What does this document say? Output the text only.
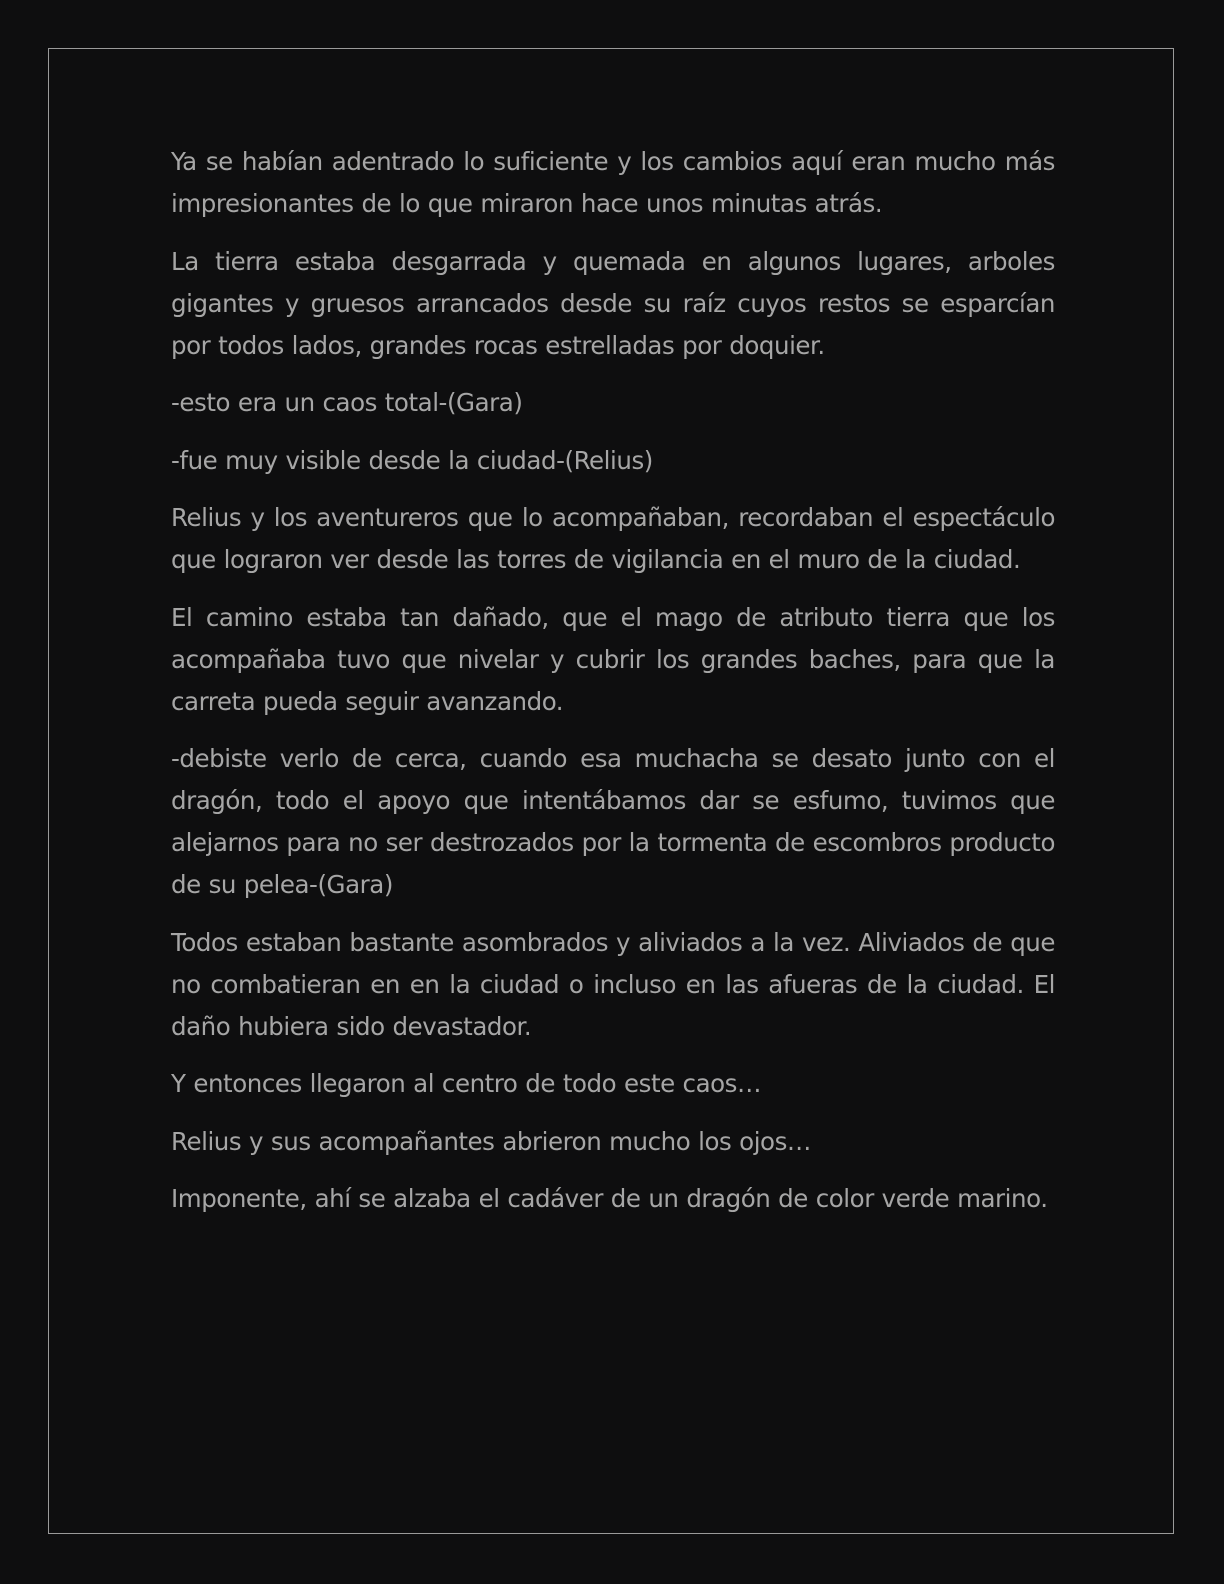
Ya se habían adentrado lo suficiente y los cambios aquí eran mucho más impresionantes de lo que miraron hace unos minutas atrás.

La tierra estaba desgarrada y quemada en algunos lugares, arboles gigantes y gruesos arrancados desde su raíz cuyos restos se esparcían por todos lados, grandes rocas estrelladas por doquier.

-esto era un caos total-(Gara)

-fue muy visible desde la ciudad-(Relius)

Relius y los aventureros que lo acompañaban, recordaban el espectáculo que lograron ver desde las torres de vigilancia en el muro de la ciudad.

El camino estaba tan dañado, que el mago de atributo tierra que los acompañaba tuvo que nivelar y cubrir los grandes baches, para que la carreta pueda seguir avanzando.

-debiste verlo de cerca, cuando esa muchacha se desato junto con el dragón, todo el apoyo que intentábamos dar se esfumo, tuvimos que alejarnos para no ser destrozados por la tormenta de escombros producto de su pelea-(Gara)

Todos estaban bastante asombrados y aliviados a la vez. Aliviados de que no combatieran en en la ciudad o incluso en las afueras de la ciudad. El daño hubiera sido devastador.

Y entonces llegaron al centro de todo este caos…

Relius y sus acompañantes abrieron mucho los ojos…

Imponente, ahí se alzaba el cadáver de un dragón de color verde marino.
